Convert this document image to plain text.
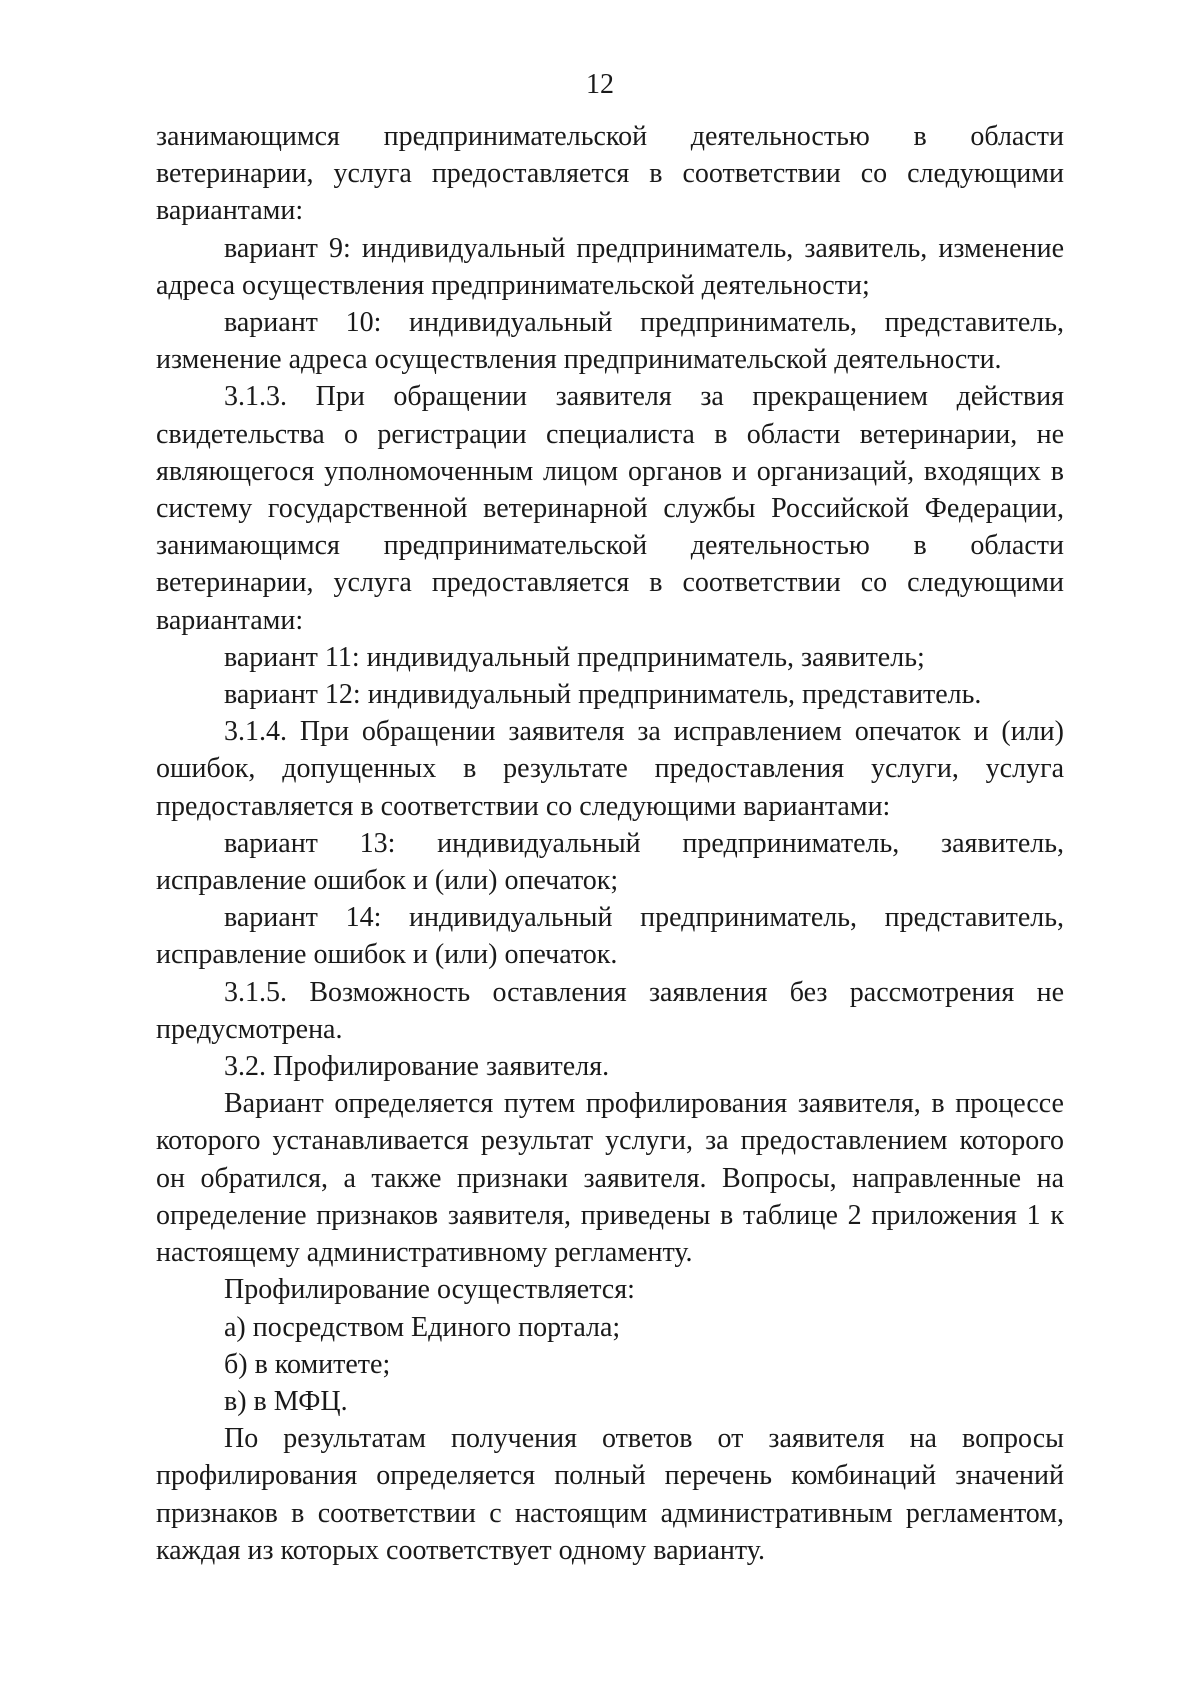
12

занимающимся предпринимательской деятельностью в области ветеринарии, услуга предоставляется в соответствии со следующими вариантами:

вариант 9: индивидуальный предприниматель, заявитель, изменение адреса осуществления предпринимательской деятельности;

вариант 10: индивидуальный предприниматель, представитель, изменение адреса осуществления предпринимательской деятельности.

3.1.3. При обращении заявителя за прекращением действия свидетельства о регистрации специалиста в области ветеринарии, не являющегося уполномоченным лицом органов и организаций, входящих в систему государственной ветеринарной службы Российской Федерации, занимающимся предпринимательской деятельностью в области ветеринарии, услуга предоставляется в соответствии со следующими вариантами:

вариант 11: индивидуальный предприниматель, заявитель;

вариант 12: индивидуальный предприниматель, представитель.

3.1.4. При обращении заявителя за исправлением опечаток и (или) ошибок, допущенных в результате предоставления услуги, услуга предоставляется в соответствии со следующими вариантами:

вариант 13: индивидуальный предприниматель, заявитель, исправление ошибок и (или) опечаток;

вариант 14: индивидуальный предприниматель, представитель, исправление ошибок и (или) опечаток.

3.1.5. Возможность оставления заявления без рассмотрения не предусмотрена.

3.2. Профилирование заявителя.

Вариант определяется путем профилирования заявителя, в процессе которого устанавливается результат услуги, за предоставлением которого он обратился, а также признаки заявителя. Вопросы, направленные на определение признаков заявителя, приведены в таблице 2 приложения 1 к настоящему административному регламенту.

Профилирование осуществляется:

а) посредством Единого портала;

б) в комитете;

в) в МФЦ.

По результатам получения ответов от заявителя на вопросы профилирования определяется полный перечень комбинаций значений признаков в соответствии с настоящим административным регламентом, каждая из которых соответствует одному варианту.
